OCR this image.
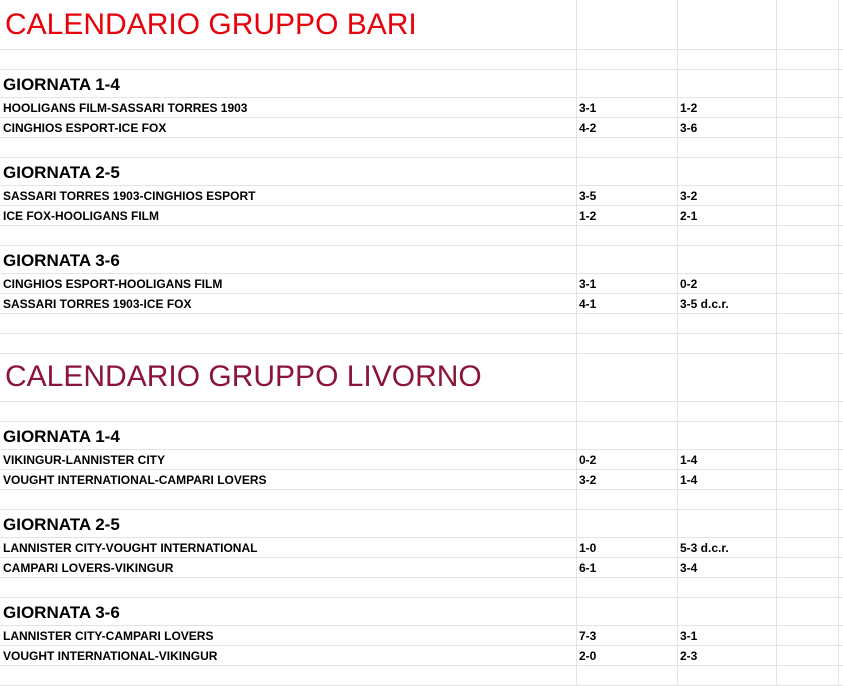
CALENDARIO GRUPPO BARI
GIORNATA 1-4
HOOLIGANS FILM-SASSARI TORRES 1903	3-1	1-2
CINGHIOS ESPORT-ICE FOX	4-2	3-6
GIORNATA 2-5
SASSARI TORRES 1903-CINGHIOS ESPORT	3-5	3-2
ICE FOX-HOOLIGANS FILM	1-2	2-1
GIORNATA 3-6
CINGHIOS ESPORT-HOOLIGANS FILM	3-1	0-2
SASSARI TORRES 1903-ICE FOX	4-1	3-5 d.c.r.
CALENDARIO GRUPPO LIVORNO
GIORNATA 1-4
VIKINGUR-LANNISTER CITY	0-2	1-4
VOUGHT INTERNATIONAL-CAMPARI LOVERS	3-2	1-4
GIORNATA 2-5
LANNISTER CITY-VOUGHT INTERNATIONAL	1-0	5-3 d.c.r.
CAMPARI LOVERS-VIKINGUR	6-1	3-4
GIORNATA 3-6
LANNISTER CITY-CAMPARI LOVERS	7-3	3-1
VOUGHT INTERNATIONAL-VIKINGUR	2-0	2-3
